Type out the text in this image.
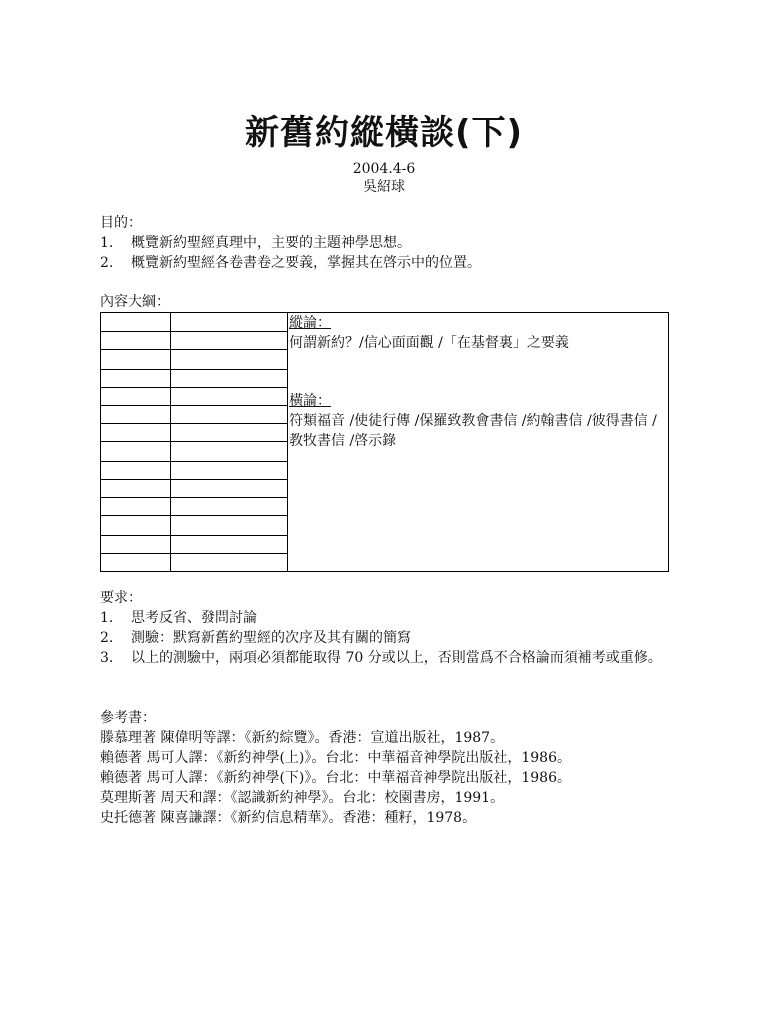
新舊約縱橫談(下)
2004.4-6
吳紹球
目的：
1 .	概覽新約聖經真理中，主要的主題神學思想。
2 .	概覽新約聖經各卷書卷之要義，掌握其在啓示中的位置。
內容大綱：
縱論：
何謂新約？/信心面面觀 /「在基督裏」之要義
橫論：
符類福音 /使徒行傳 /保羅致教會書信 /約翰書信 /彼得書信 /教牧書信 /啓示錄
要求：
1 .	思考反省、發問討論
2 .	測驗：默寫新舊約聖經的次序及其有關的簡寫
3 .	以上的測驗中，兩項必須都能取得 70 分或以上，否則當爲不合格論而須補考或重修。
參考書：
滕慕理著 陳偉明等譯：《新約綜覽》。香港：宣道出版社，1987。
賴德著 馬可人譯：《新約神學(上)》。台北：中華福音神學院出版社，1986。
賴德著 馬可人譯：《新約神學(下)》。台北：中華福音神學院出版社，1986。
莫理斯著 周天和譯：《認識新約神學》。台北：校園書房，1991。
史托德著 陳喜謙譯：《新約信息精華》。香港：種籽，1978。
